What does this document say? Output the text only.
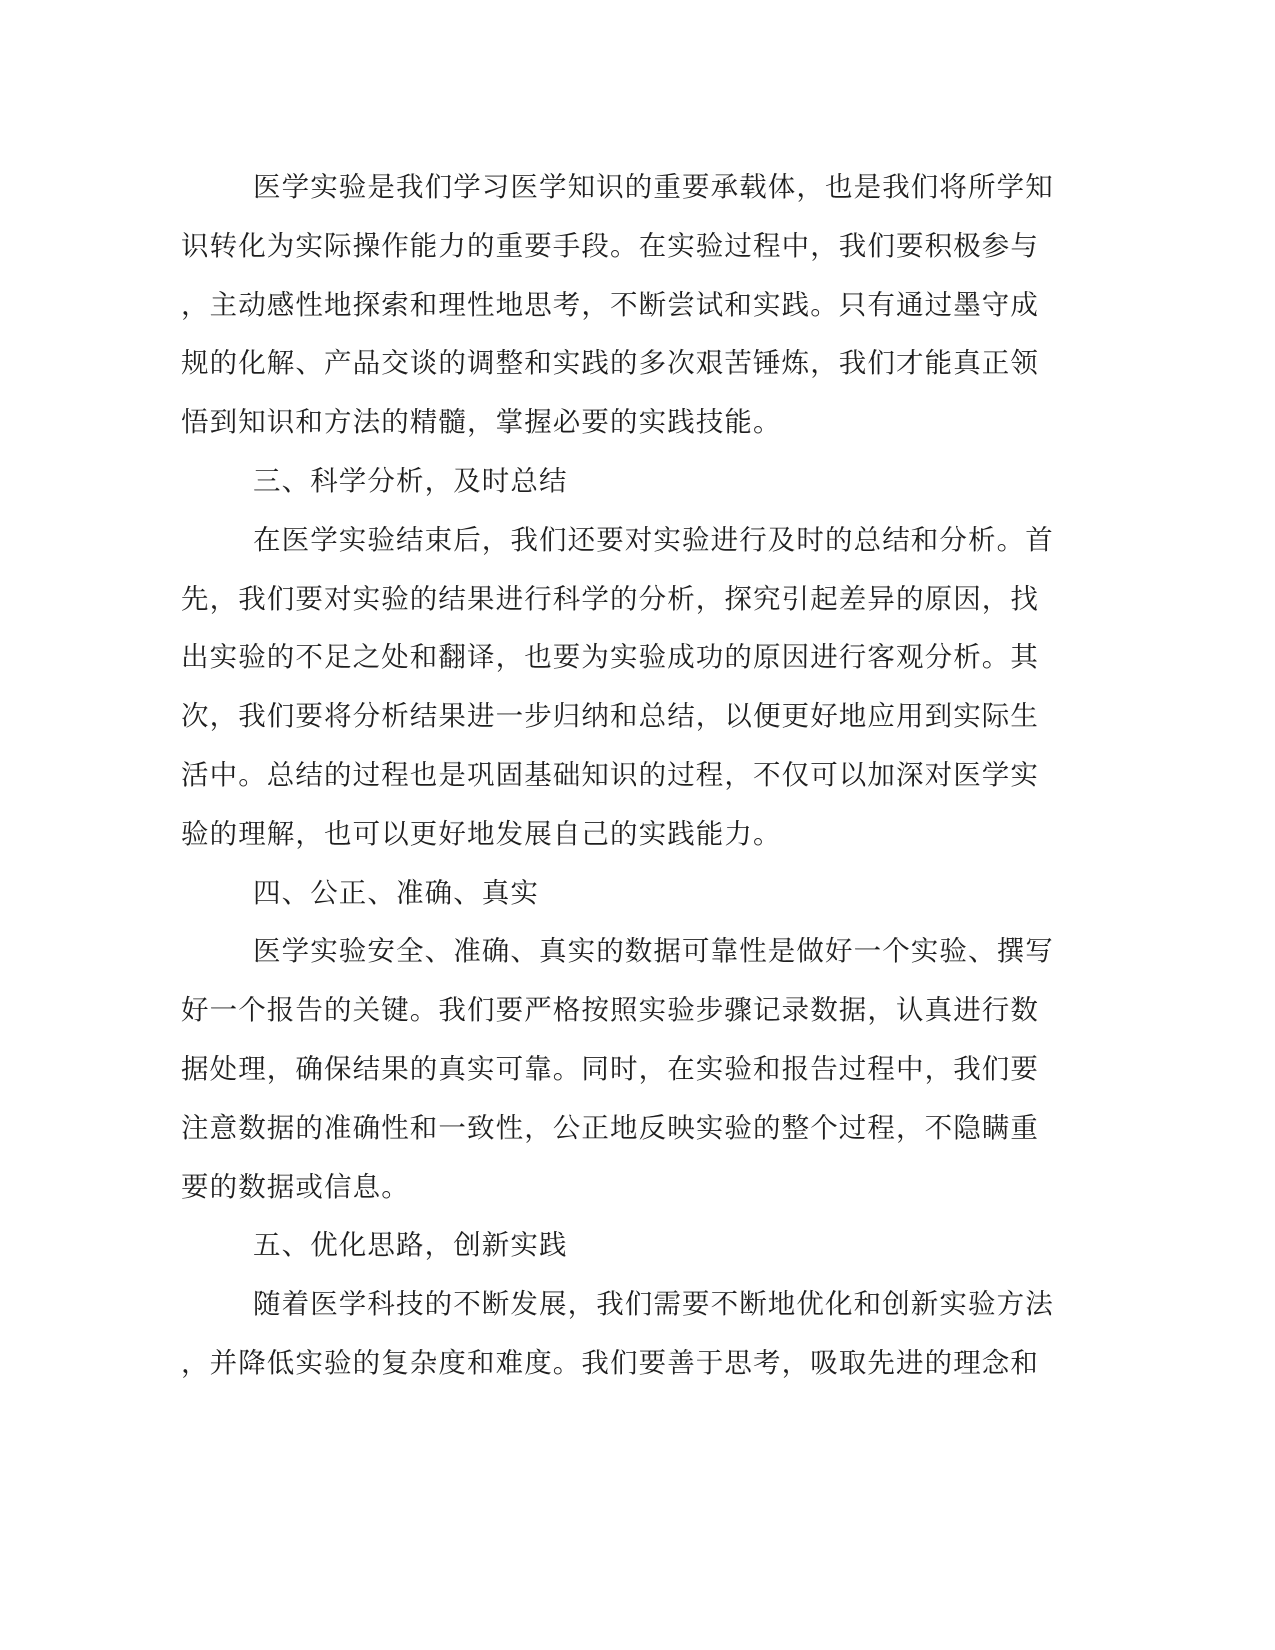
医学实验是我们学习医学知识的重要承载体，也是我们将所学知
识转化为实际操作能力的重要手段。在实验过程中，我们要积极参与
，主动感性地探索和理性地思考，不断尝试和实践。只有通过墨守成
规的化解、产品交谈的调整和实践的多次艰苦锤炼，我们才能真正领
悟到知识和方法的精髓，掌握必要的实践技能。
三、科学分析，及时总结
在医学实验结束后，我们还要对实验进行及时的总结和分析。首
先，我们要对实验的结果进行科学的分析，探究引起差异的原因，找
出实验的不足之处和翻译，也要为实验成功的原因进行客观分析。其
次，我们要将分析结果进一步归纳和总结，以便更好地应用到实际生
活中。总结的过程也是巩固基础知识的过程，不仅可以加深对医学实
验的理解，也可以更好地发展自己的实践能力。
四、公正、准确、真实
医学实验安全、准确、真实的数据可靠性是做好一个实验、撰写
好一个报告的关键。我们要严格按照实验步骤记录数据，认真进行数
据处理，确保结果的真实可靠。同时，在实验和报告过程中，我们要
注意数据的准确性和一致性，公正地反映实验的整个过程，不隐瞒重
要的数据或信息。
五、优化思路，创新实践
随着医学科技的不断发展，我们需要不断地优化和创新实验方法
，并降低实验的复杂度和难度。我们要善于思考，吸取先进的理念和
